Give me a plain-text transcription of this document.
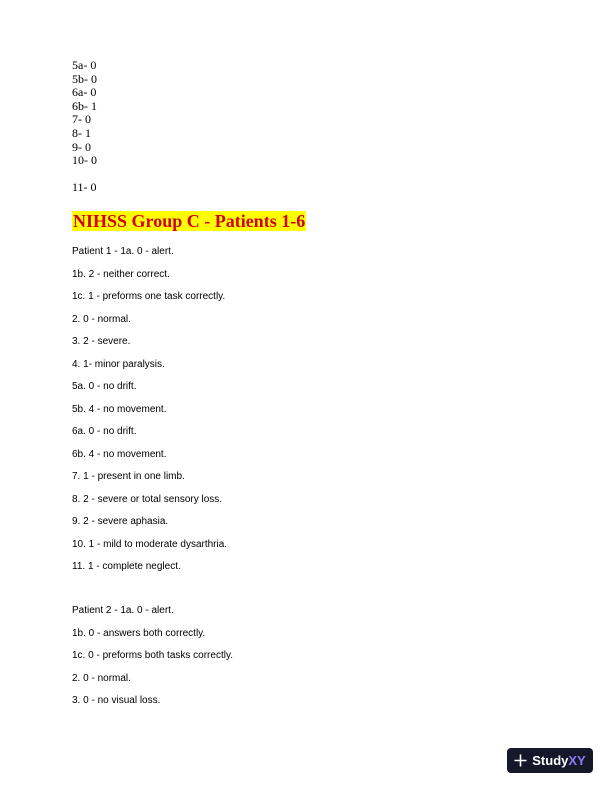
5a- 0
5b- 0
6a- 0
6b- 1
7- 0
8- 1
9- 0
10- 0
11- 0
NIHSS Group C - Patients 1-6
Patient 1 - 1a. 0 - alert.
1b. 2 - neither correct.
1c. 1 - preforms one task correctly.
2. 0 - normal.
3. 2 - severe.
4. 1- minor paralysis.
5a. 0 - no drift.
5b. 4 - no movement.
6a. 0 - no drift.
6b. 4 - no movement.
7. 1 - present in one limb.
8. 2 - severe or total sensory loss.
9. 2 - severe aphasia.
10. 1 - mild to moderate dysarthria.
11. 1 - complete neglect.
Patient 2 - 1a. 0 - alert.
1b. 0 - answers both correctly.
1c. 0 - preforms both tasks correctly.
2. 0 - normal.
3. 0 - no visual loss.
StudyXY
